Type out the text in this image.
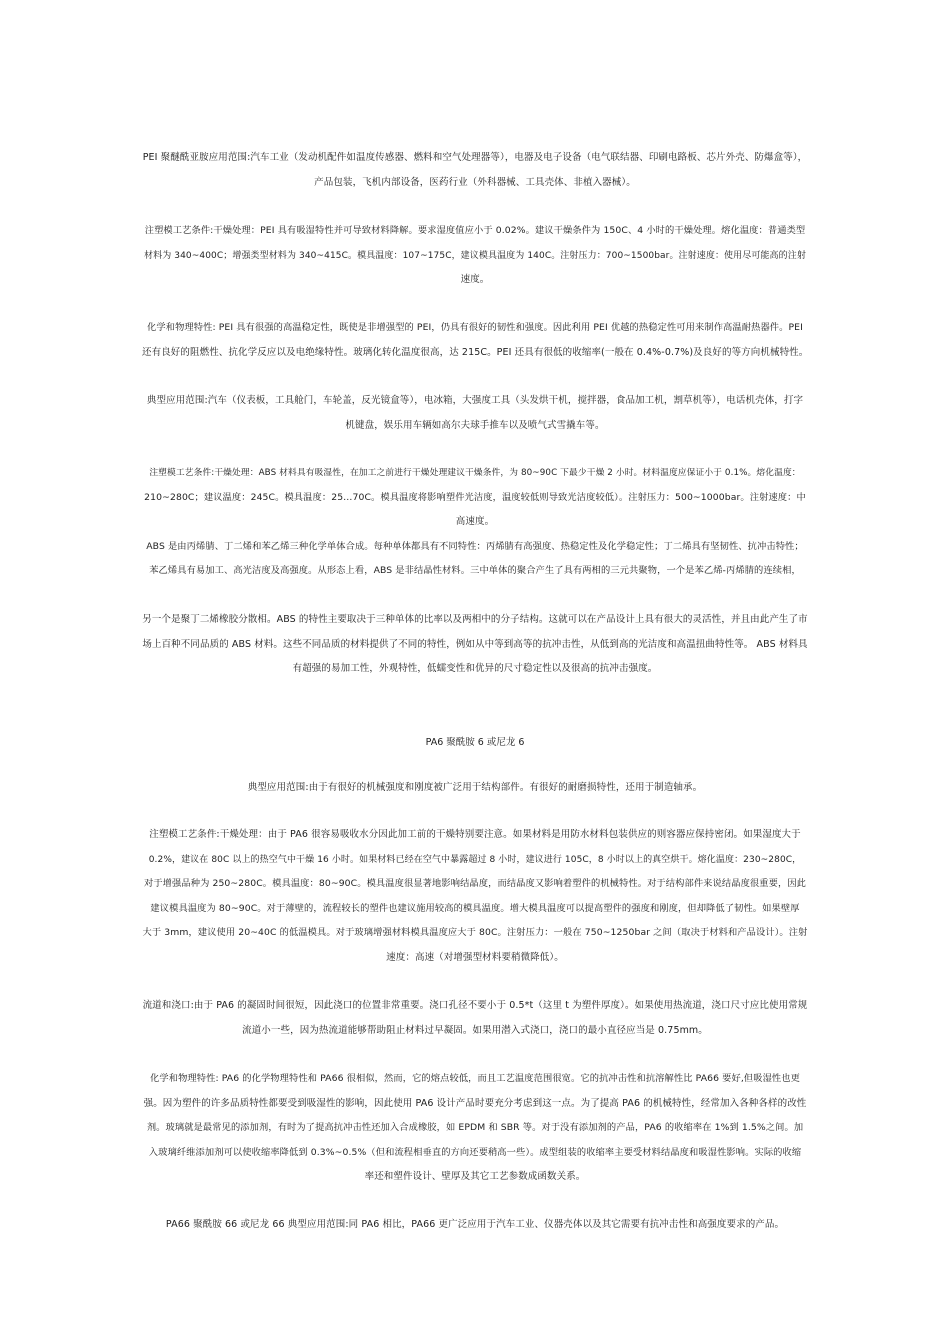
PEI 聚醚酰亚胺应用范围:汽车工业（发动机配件如温度传感器、燃料和空气处理器等），电器及电子设备（电气联结器、印刷电路板、芯片外壳、防爆盒等），
产品包装，飞机内部设备，医药行业（外科器械、工具壳体、非植入器械）。

注塑模工艺条件:干燥处理：PEI 具有吸湿特性并可导致材料降解。要求湿度值应小于 0.02%。建议干燥条件为 150C、4 小时的干燥处理。熔化温度：普通类型
材料为 340~400C；增强类型材料为 340~415C。模具温度：107~175C，建议模具温度为 140C。注射压力：700~1500bar。注射速度：使用尽可能高的注射
速度。

化学和物理特性: PEI 具有很强的高温稳定性，既使是非增强型的 PEI，仍具有很好的韧性和强度。因此利用 PEI 优越的热稳定性可用来制作高温耐热器件。PEI
还有良好的阻燃性、抗化学反应以及电绝缘特性。玻璃化转化温度很高，达 215C。PEI 还具有很低的收缩率(一般在 0.4%-0.7%)及良好的等方向机械特性。

典型应用范围:汽车（仪表板，工具舱门，车轮盖，反光镜盒等），电冰箱，大强度工具（头发烘干机，搅拌器，食品加工机，割草机等），电话机壳体，打字
机键盘，娱乐用车辆如高尔夫球手推车以及喷气式雪撬车等。

注塑模工艺条件:干燥处理：ABS 材料具有吸湿性，在加工之前进行干燥处理建议干燥条件，为 80~90C 下最少干燥 2 小时。材料温度应保证小于 0.1%。熔化温度：
210~280C；建议温度：245C。模具温度：25…70C。模具温度将影响塑件光洁度，温度较低则导致光洁度较低）。注射压力：500~1000bar。注射速度：中
高速度。
ABS 是由丙烯腈、丁二烯和苯乙烯三种化学单体合成。每种单体都具有不同特性：丙烯腈有高强度、热稳定性及化学稳定性；丁二烯具有坚韧性、抗冲击特性；
苯乙烯具有易加工、高光洁度及高强度。从形态上看，ABS 是非结晶性材料。三中单体的聚合产生了具有两相的三元共聚物，一个是苯乙烯-丙烯腈的连续相，

另一个是聚丁二烯橡胶分散相。ABS 的特性主要取决于三种单体的比率以及两相中的分子结构。这就可以在产品设计上具有很大的灵活性，并且由此产生了市
场上百种不同品质的 ABS 材料。这些不同品质的材料提供了不同的特性，例如从中等到高等的抗冲击性，从低到高的光洁度和高温扭曲特性等。 ABS 材料具
有超强的易加工性，外观特性，低蠕变性和优异的尺寸稳定性以及很高的抗冲击强度。

PA6 聚酰胺 6 或尼龙 6

典型应用范围:由于有很好的机械强度和刚度被广泛用于结构部件。有很好的耐磨损特性，还用于制造轴承。

注塑模工艺条件:干燥处理：由于 PA6 很容易吸收水分因此加工前的干燥特别要注意。如果材料是用防水材料包装供应的则容器应保持密闭。如果湿度大于
0.2%，建议在 80C 以上的热空气中干燥 16 小时。如果材料已经在空气中暴露超过 8 小时，建议进行 105C，8 小时以上的真空烘干。熔化温度：230~280C，
对于增强品种为 250~280C。模具温度：80~90C。模具温度很显著地影响结晶度，而结晶度又影响着塑件的机械特性。对于结构部件来说结晶度很重要，因此
建议模具温度为 80~90C。对于薄壁的，流程较长的塑件也建议施用较高的模具温度。增大模具温度可以提高塑件的强度和刚度，但却降低了韧性。如果壁厚
大于 3mm，建议使用 20~40C 的低温模具。对于玻璃增强材料模具温度应大于 80C。注射压力：一般在 750~1250bar 之间（取决于材料和产品设计）。注射
速度：高速（对增强型材料要稍微降低）。

流道和浇口:由于 PA6 的凝固时间很短，因此浇口的位置非常重要。浇口孔径不要小于 0.5*t（这里 t 为塑件厚度）。如果使用热流道，浇口尺寸应比使用常规
流道小一些，因为热流道能够帮助阻止材料过早凝固。如果用潜入式浇口，浇口的最小直径应当是 0.75mm。

化学和物理特性: PA6 的化学物理特性和 PA66 很相似，然而，它的熔点较低，而且工艺温度范围很宽。它的抗冲击性和抗溶解性比 PA66 要好,但吸湿性也更
强。因为塑件的许多品质特性都要受到吸湿性的影响，因此使用 PA6 设计产品时要充分考虑到这一点。为了提高 PA6 的机械特性，经常加入各种各样的改性
剂。玻璃就是最常见的添加剂，有时为了提高抗冲击性还加入合成橡胶，如 EPDM 和 SBR 等。对于没有添加剂的产品，PA6 的收缩率在 1%到 1.5%之间。加
入玻璃纤维添加剂可以使收缩率降低到 0.3%~0.5%（但和流程相垂直的方向还要稍高一些）。成型组装的收缩率主要受材料结晶度和吸湿性影响。实际的收缩
率还和塑件设计、壁厚及其它工艺参数成函数关系。

PA66 聚酰胺 66 或尼龙 66 典型应用范围:同 PA6 相比，PA66 更广泛应用于汽车工业、仪器壳体以及其它需要有抗冲击性和高强度要求的产品。
